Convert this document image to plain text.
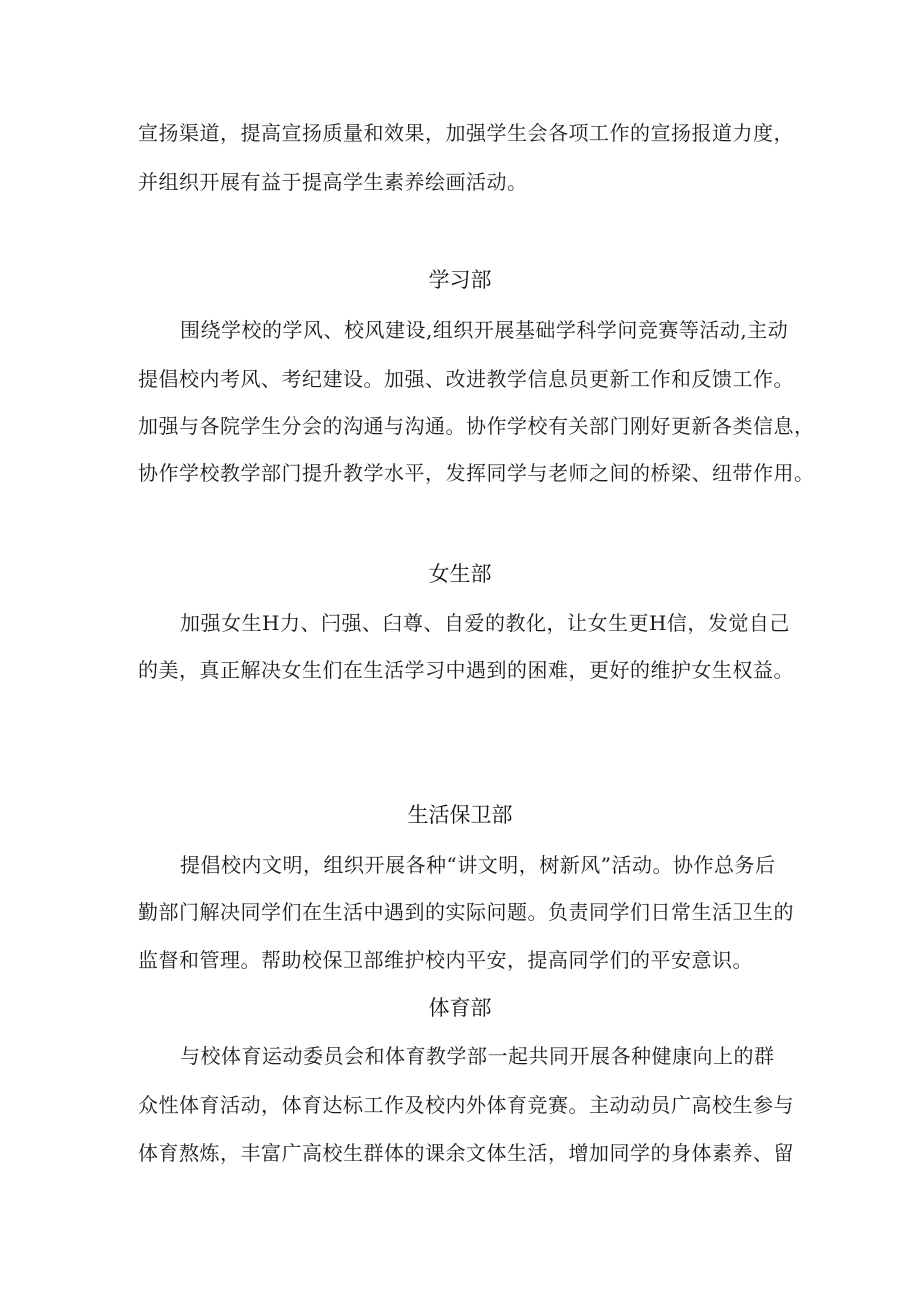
宣扬渠道，提高宣扬质量和效果，加强学生会各项工作的宣扬报道力度，
并组织开展有益于提高学生素养绘画活动。
学习部
围绕学校的学风、校风建设,组织开展基础学科学问竞赛等活动,主动
提倡校内考风、考纪建设。加强、改进教学信息员更新工作和反馈工作。
加强与各院学生分会的沟通与沟通。协作学校有关部门刚好更新各类信息，
协作学校教学部门提升教学水平，发挥同学与老师之间的桥梁、纽带作用。
女生部
加强女生H力、闩强、臼尊、自爱的教化，让女生更H信，发觉自己
的美，真正解决女生们在生活学习中遇到的困难，更好的维护女生权益。
生活保卫部
提倡校内文明，组织开展各种“讲文明，树新风”活动。协作总务后
勤部门解决同学们在生活中遇到的实际问题。负责同学们日常生活卫生的
监督和管理。帮助校保卫部维护校内平安，提高同学们的平安意识。
体育部
与校体育运动委员会和体育教学部一起共同开展各种健康向上的群
众性体育活动，体育达标工作及校内外体育竞赛。主动动员广高校生参与
体育熬炼，丰富广高校生群体的课余文体生活，增加同学的身体素养、留
